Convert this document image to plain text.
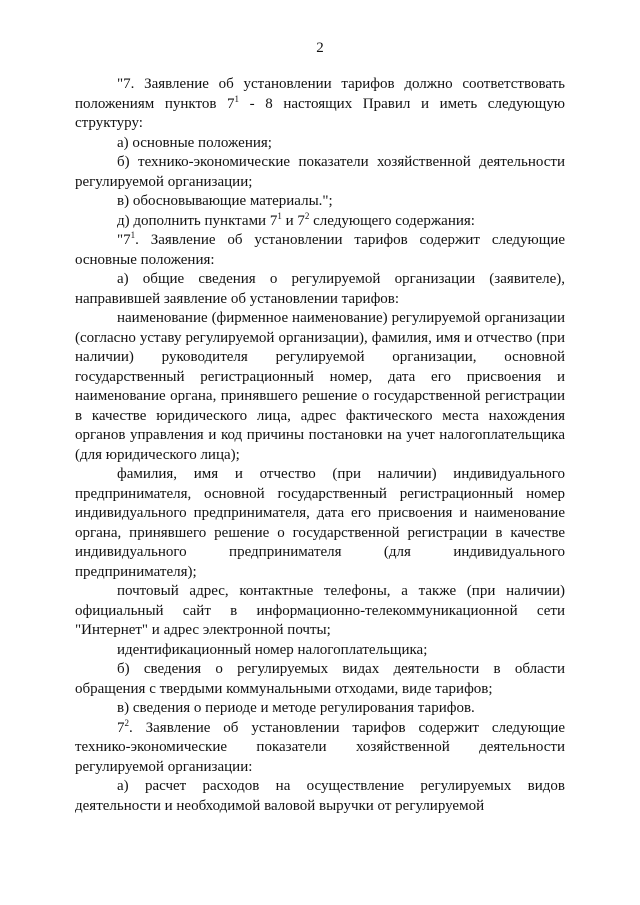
2

"7. Заявление об установлении тарифов должно соответствовать положениям пунктов $7^1 - 8$ настоящих Правил и иметь следующую структуру:

а) основные положения;

б) технико-экономические показатели хозяйственной деятельности регулируемой организации;

в) обосновывающие материалы.";

д) дополнить пунктами $7^1$ и $7^2$ следующего содержания:

"$7^1$. Заявление об установлении тарифов содержит следующие основные положения:

а) общие сведения о регулируемой организации (заявителе), направившей заявление об установлении тарифов:

наименование (фирменное наименование) регулируемой организации (согласно уставу регулируемой организации), фамилия, имя и отчество (при наличии) руководителя регулируемой организации, основной государственный регистрационный номер, дата его присвоения и наименование органа, принявшего решение о государственной регистрации в качестве юридического лица, адрес фактического места нахождения органов управления и код причины постановки на учет налогоплательщика (для юридического лица);

фамилия, имя и отчество (при наличии) индивидуального предпринимателя, основной государственный регистрационный номер индивидуального предпринимателя, дата его присвоения и наименование органа, принявшего решение о государственной регистрации в качестве индивидуального предпринимателя (для индивидуального предпринимателя);

почтовый адрес, контактные телефоны, а также (при наличии) официальный сайт в информационно-телекоммуникационной сети "Интернет" и адрес электронной почты;

идентификационный номер налогоплательщика;

б) сведения о регулируемых видах деятельности в области обращения с твердыми коммунальными отходами, виде тарифов;

в) сведения о периоде и методе регулирования тарифов.

$7^2$. Заявление об установлении тарифов содержит следующие технико-экономические показатели хозяйственной деятельности регулируемой организации:

а) расчет расходов на осуществление регулируемых видов деятельности и необходимой валовой выручки от регулируемой
